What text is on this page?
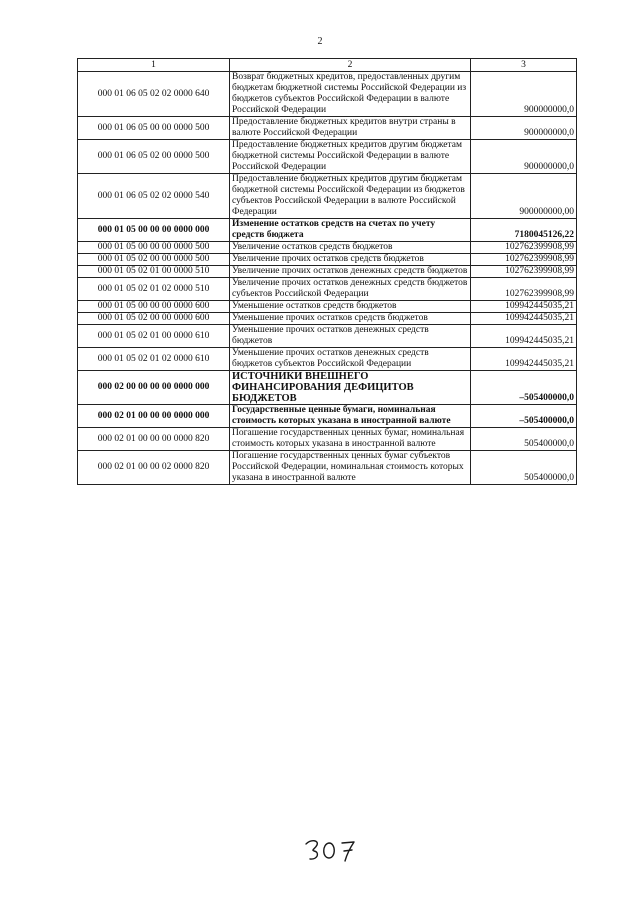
2
1	2	3
000 01 06 05 02 02 0000 640	Возврат бюджетных кредитов, предоставленных другим бюджетам бюджетной системы Российской Федерации из бюджетов субъектов Российской Федерации в валюте Российской Федерации	900000000,0
000 01 06 05 00 00 0000 500	Предоставление бюджетных кредитов внутри страны в валюте Российской Федерации	900000000,0
000 01 06 05 02 00 0000 500	Предоставление бюджетных кредитов другим бюджетам бюджетной системы Российской Федерации в валюте Российской Федерации	900000000,0
000 01 06 05 02 02 0000 540	Предоставление бюджетных кредитов другим бюджетам бюджетной системы Российской Федерации из бюджетов субъектов Российской Федерации в валюте Российской Федерации	900000000,00
000 01 05 00 00 00 0000 000	Изменение остатков средств на счетах по учету средств бюджета	7180045126,22
000 01 05 00 00 00 0000 500	Увеличение остатков средств бюджетов	102762399908,99
000 01 05 02 00 00 0000 500	Увеличение прочих остатков средств бюджетов	102762399908,99
000 01 05 02 01 00 0000 510	Увеличение прочих остатков денежных средств бюджетов	102762399908,99
000 01 05 02 01 02 0000 510	Увеличение прочих остатков денежных средств бюджетов субъектов Российской Федерации	102762399908,99
000 01 05 00 00 00 0000 600	Уменьшение остатков средств бюджетов	109942445035,21
000 01 05 02 00 00 0000 600	Уменьшение прочих остатков средств бюджетов	109942445035,21
000 01 05 02 01 00 0000 610	Уменьшение прочих остатков денежных средств бюджетов	109942445035,21
000 01 05 02 01 02 0000 610	Уменьшение прочих остатков денежных средств бюджетов субъектов Российской Федерации	109942445035,21
000 02 00 00 00 00 0000 000	ИСТОЧНИКИ ВНЕШНЕГО ФИНАНСИРОВАНИЯ ДЕФИЦИТОВ БЮДЖЕТОВ	–505400000,0
000 02 01 00 00 00 0000 000	Государственные ценные бумаги, номинальная стоимость которых указана в иностранной валюте	–505400000,0
000 02 01 00 00 00 0000 820	Погашение государственных ценных бумаг, номинальная стоимость которых указана в иностранной валюте	505400000,0
000 02 01 00 00 02 0000 820	Погашение государственных ценных бумаг субъектов Российской Федерации, номинальная стоимость которых указана в иностранной валюте	505400000,0
